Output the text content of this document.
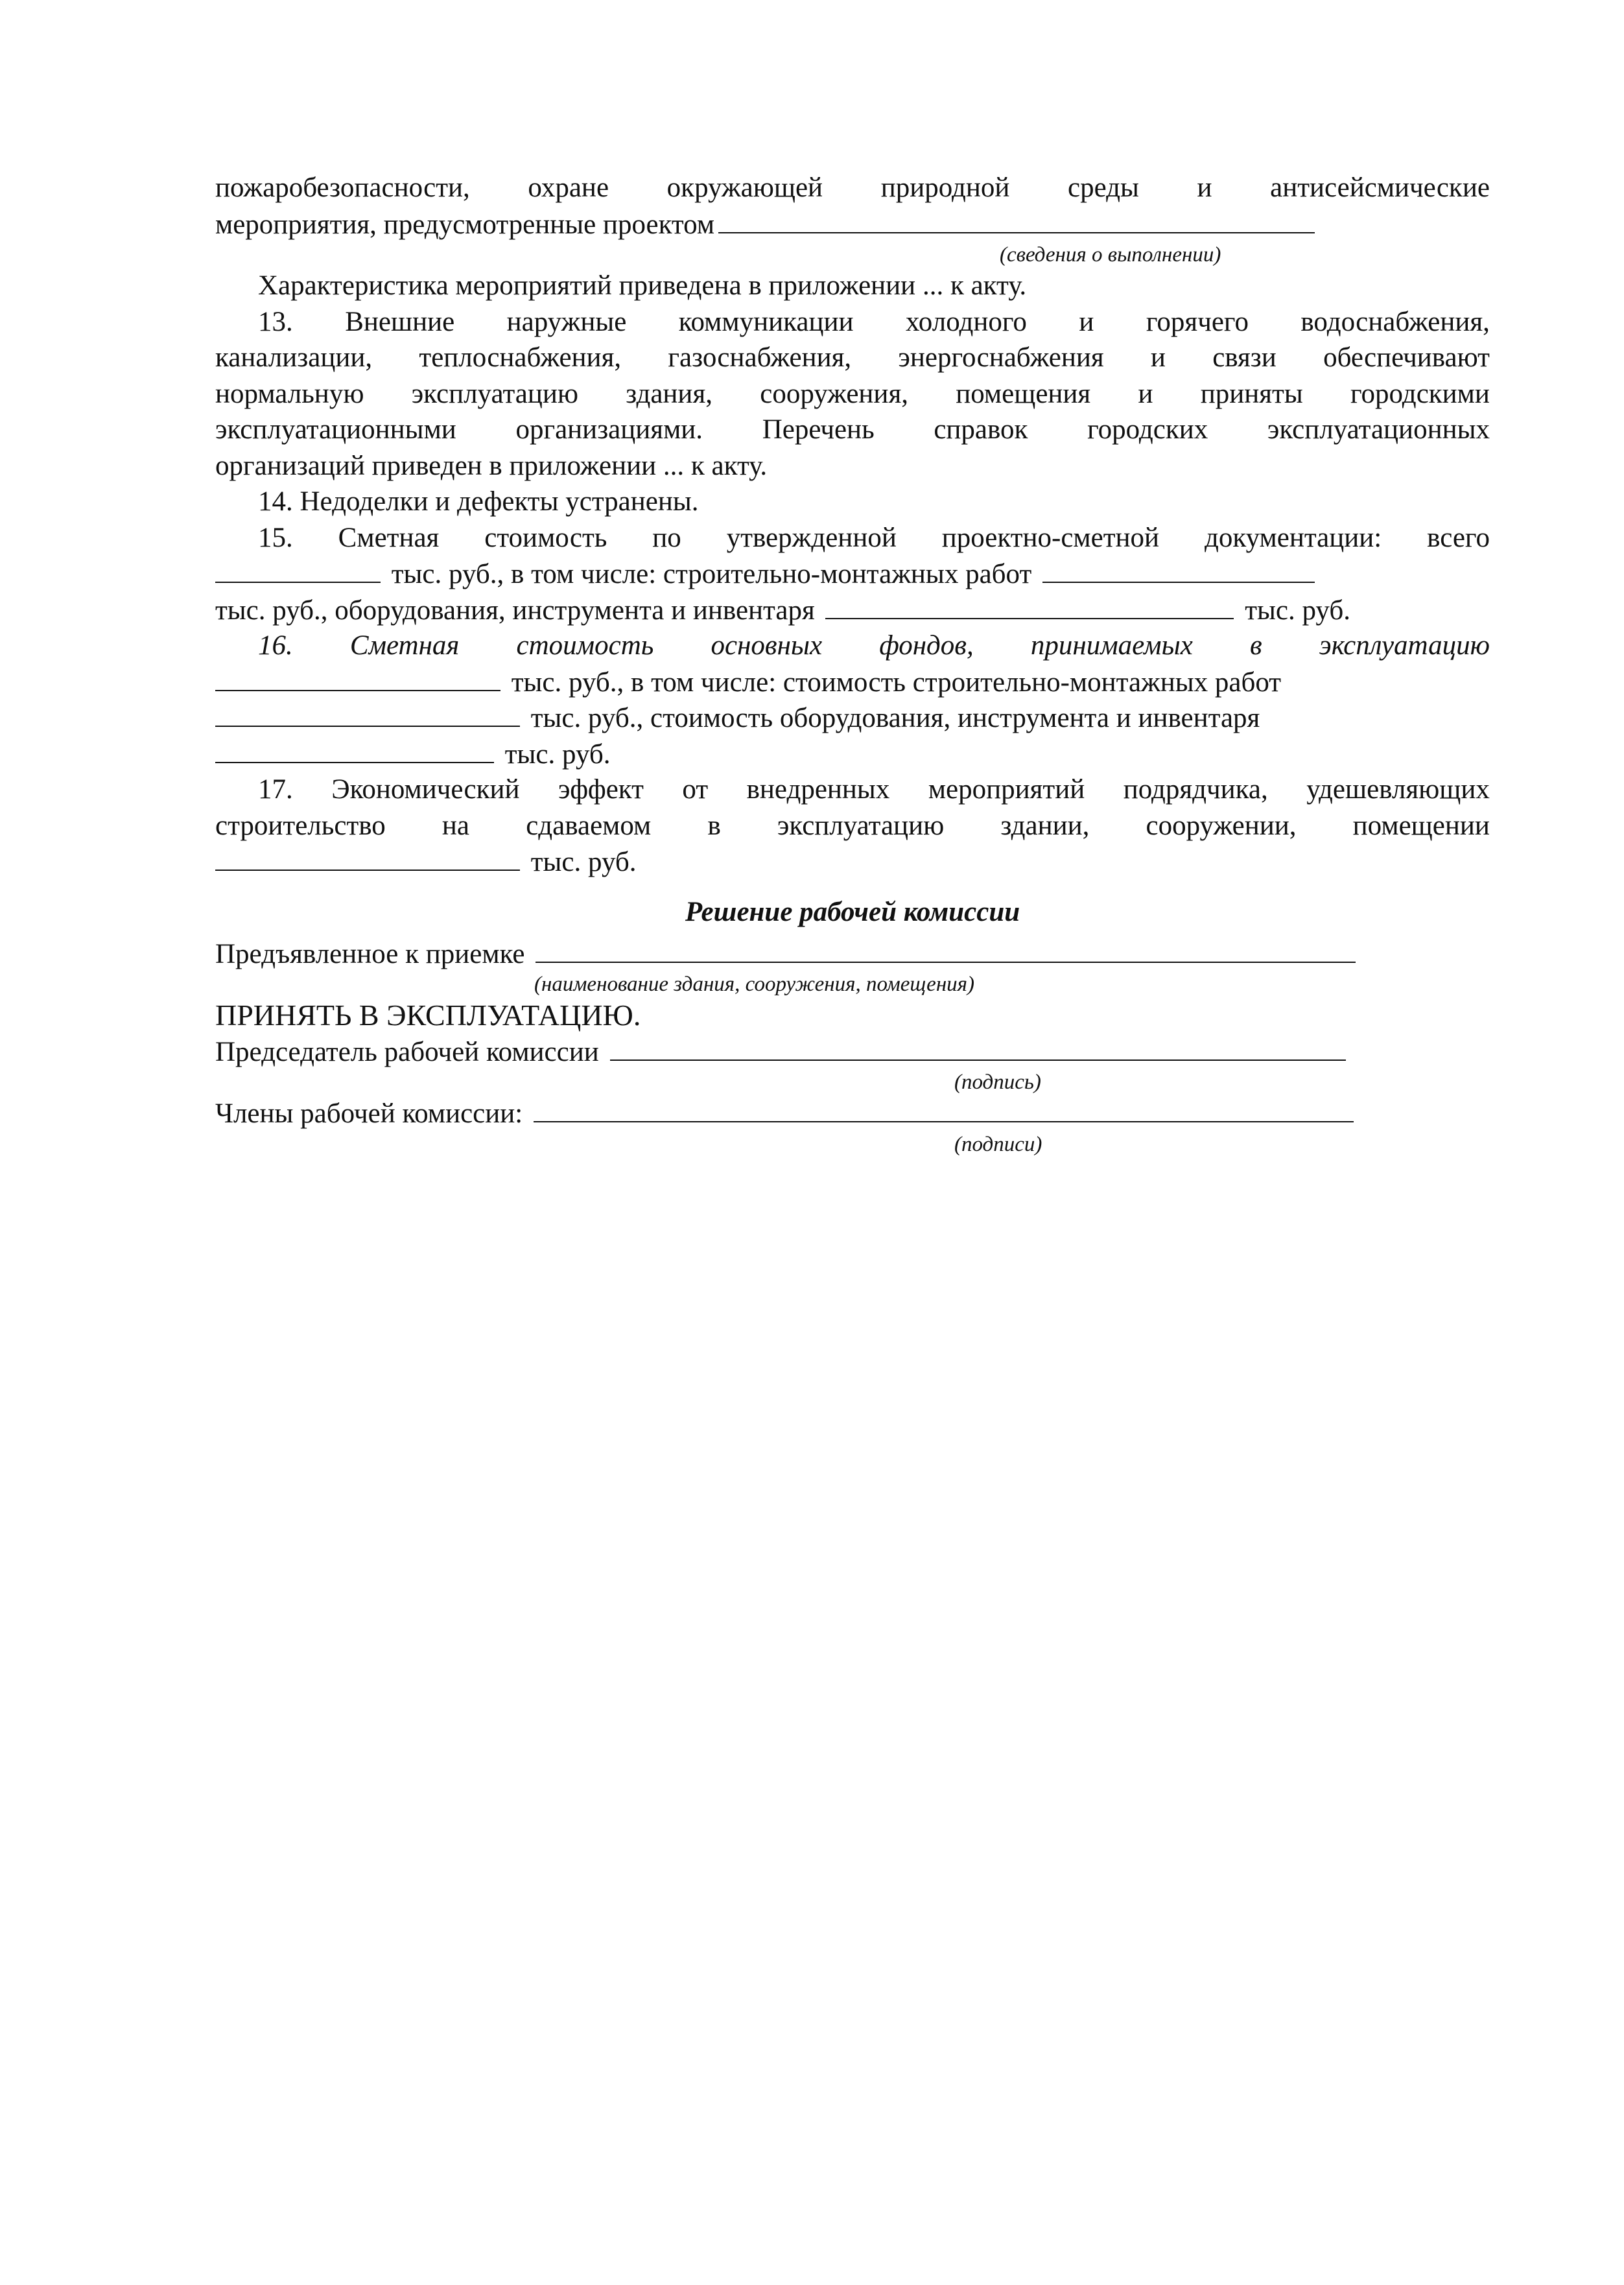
пожаробезопасности, охране окружающей природной среды и антисейсмические
мероприятия, предусмотренные проектом
(сведения о выполнении)
Характеристика мероприятий приведена в приложении ... к акту.
13. Внешние наружные коммуникации холодного и горячего водоснабжения,
канализации, теплоснабжения, газоснабжения, энергоснабжения и связи обеспечивают
нормальную эксплуатацию здания, сооружения, помещения и приняты городскими
эксплуатационными организациями. Перечень справок городских эксплуатационных
организаций приведен в приложении ... к акту.
14. Недоделки и дефекты устранены.
15. Сметная стоимость по утвержденной проектно-сметной документации: всего
тыс. руб., в том числе: строительно-монтажных работ
тыс. руб., оборудования, инструмента и инвентаря	тыс. руб.
16. Сметная стоимость основных фондов, принимаемых в эксплуатацию
тыс. руб., в том числе: стоимость строительно-монтажных работ
тыс. руб., стоимость оборудования, инструмента и инвентаря
тыс. руб.
17. Экономический эффект от внедренных мероприятий подрядчика, удешевляющих
строительство на сдаваемом в эксплуатацию здании, сооружении, помещении
тыс. руб.
Решение рабочей комиссии
Предъявленное к приемке
(наименование здания, сооружения, помещения)
ПРИНЯТЬ В ЭКСПЛУАТАЦИЮ.
Председатель рабочей комиссии
(подпись)
Члены рабочей комиссии:
(подписи)
